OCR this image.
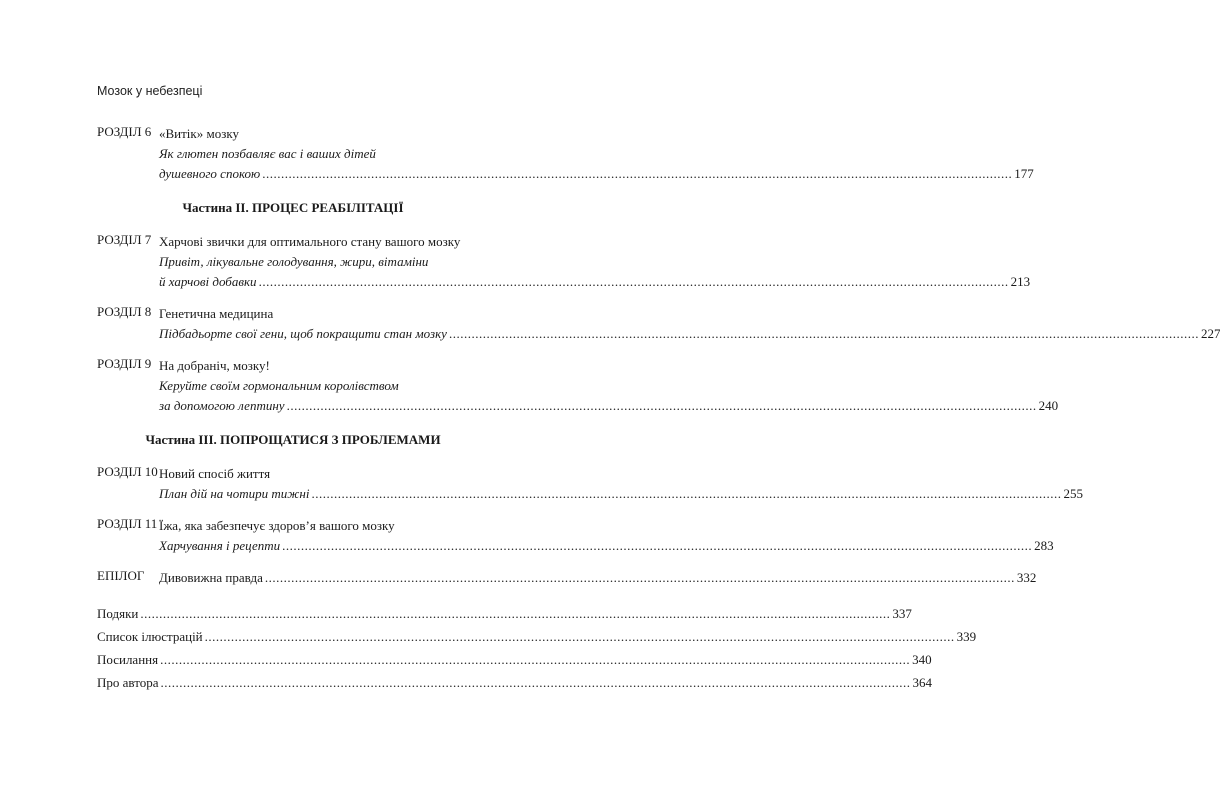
Мозок у небезпеці
РОЗДІЛ 6 «Витік» мозку
Як глютен позбавляє вас і ваших дітей
душевного спокою .....	177
Частина II. ПРОЦЕС РЕАБІЛІТАЦІЇ
РОЗДІЛ 7 Харчові звички для оптимального стану вашого мозку
Привіт, лікувальне голодування, жири, вітаміни
й харчові добавки .....	213
РОЗДІЛ 8 Генетична медицина
Підбадьорте свої гени, щоб покращити стан мозку .....	227
РОЗДІЛ 9 На добраніч, мозку!
Керуйте своїм гормональним королівством
за допомогою лептину .....	240
Частина III. ПОПРОЩАТИСЯ З ПРОБЛЕМАМИ
РОЗДІЛ 10 Новий спосіб життя
План дій на чотири тижні .....	255
РОЗДІЛ 11 Їжа, яка забезпечує здоров’я вашого мозку
Харчування і рецепти .....	283
ЕПІЛОГ	Дивовижна правда .....	332
Подяки .....	337
Список ілюстрацій .....	339
Посилання .....	340
Про автора .....	364
